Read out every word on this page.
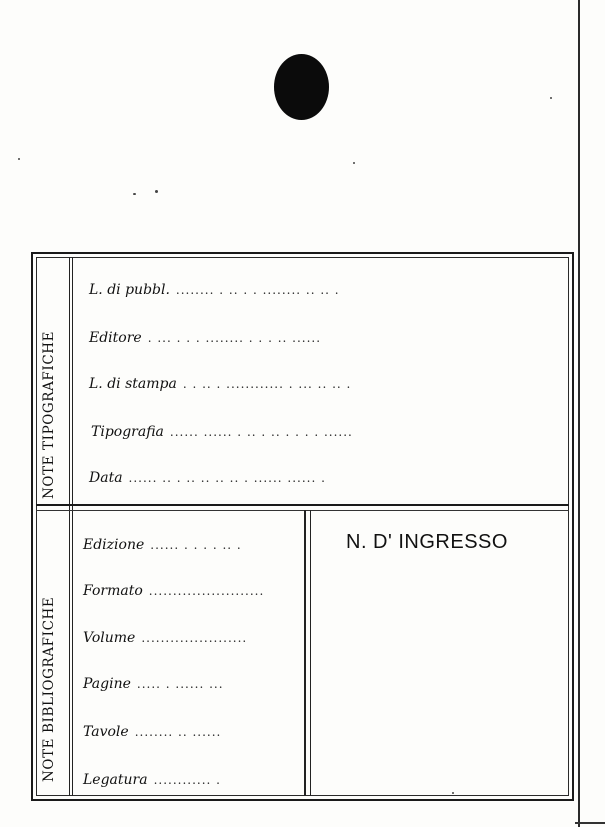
NOTE TIPOGRAFICHE
NOTE BIBLIOGRAFICHE
L. di pubbl. ........ . .. . . ........ .. .. .
Editore . ... . . . ........ . . . .. ......
L. di stampa . . .. . ............ . ... .. .. .
Tipografia ...... ...... . .. . .. . . . . ......
Data ...... .. . .. .. .. .. . ...... ...... .
Edizione ...... . . . . .. .
Formato ........................
Volume ......................
Pagine ..... . ...... ...
Tavole ........ .. ......
Legatura ............ .
N. D' INGRESSO
